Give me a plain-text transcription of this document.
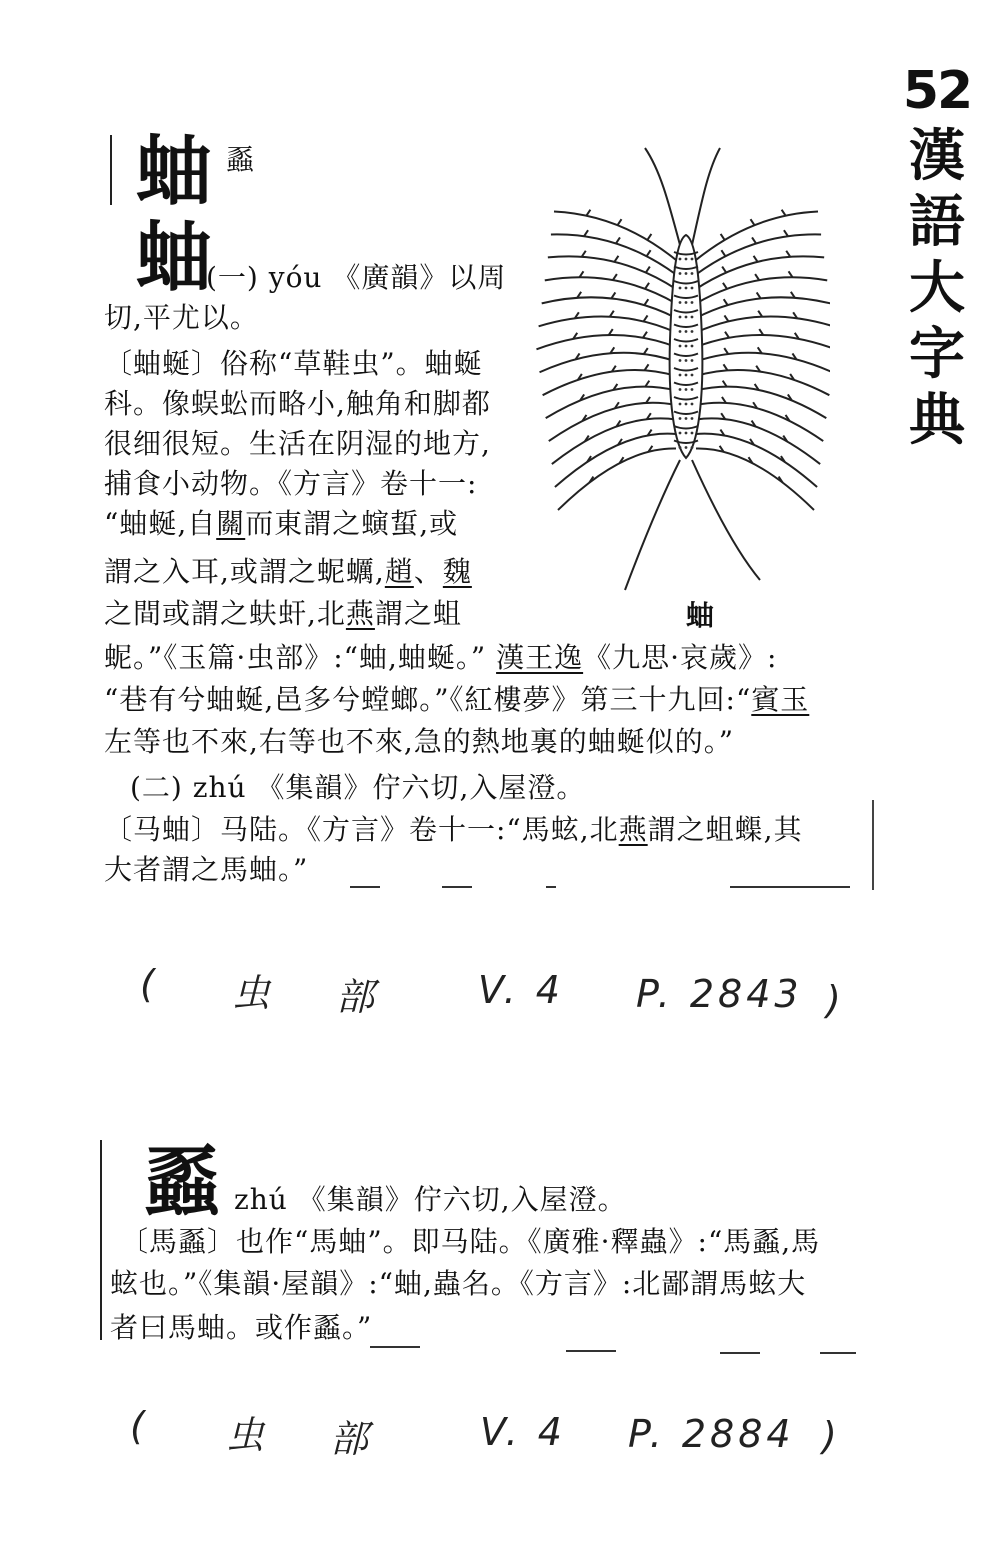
52
漢
語
大
字
典
蚰 蟸
蚰
(一) yóu 《廣韻》以周
切,平尤以。
〔蚰蜒〕俗称“草鞋虫”。蚰蜒
科。像蜈蚣而略小,触角和脚都
很细很短。生活在阴湿的地方,
捕食小动物。《方言》卷十一:
“蚰蜒,自關而東謂之螾蜇,或
謂之入耳,或謂之蚭蠣,趙、魏
之間或謂之蚨虷,北燕謂之蛆
蚭。”《玉篇·虫部》:“蚰,蚰蜒。” 漢王逸《九思·哀歲》:
“巷有兮蚰蜒,邑多兮螳螂。”《紅樓夢》第三十九回:“賓玉
左等也不來,右等也不來,急的熱地裏的蚰蜒似的。”
(二) zhú 《集韻》佇六切,入屋澄。
〔马蚰〕马陆。《方言》卷十一:“馬蚿,北燕謂之蛆蟝,其
大者謂之馬蚰。”
蚰
( 虫 部	V. 4 P. 2843 )
蟸 zhú 《集韻》佇六切,入屋澄。
〔馬蟸〕也作“馬蚰”。即马陆。《廣雅·釋蟲》:“馬蟸,馬
蚿也。”《集韻·屋韻》:“蚰,蟲名。《方言》:北鄙謂馬蚿大
者曰馬蚰。或作蟸。”
( 虫 部	V. 4 P. 2884 )
